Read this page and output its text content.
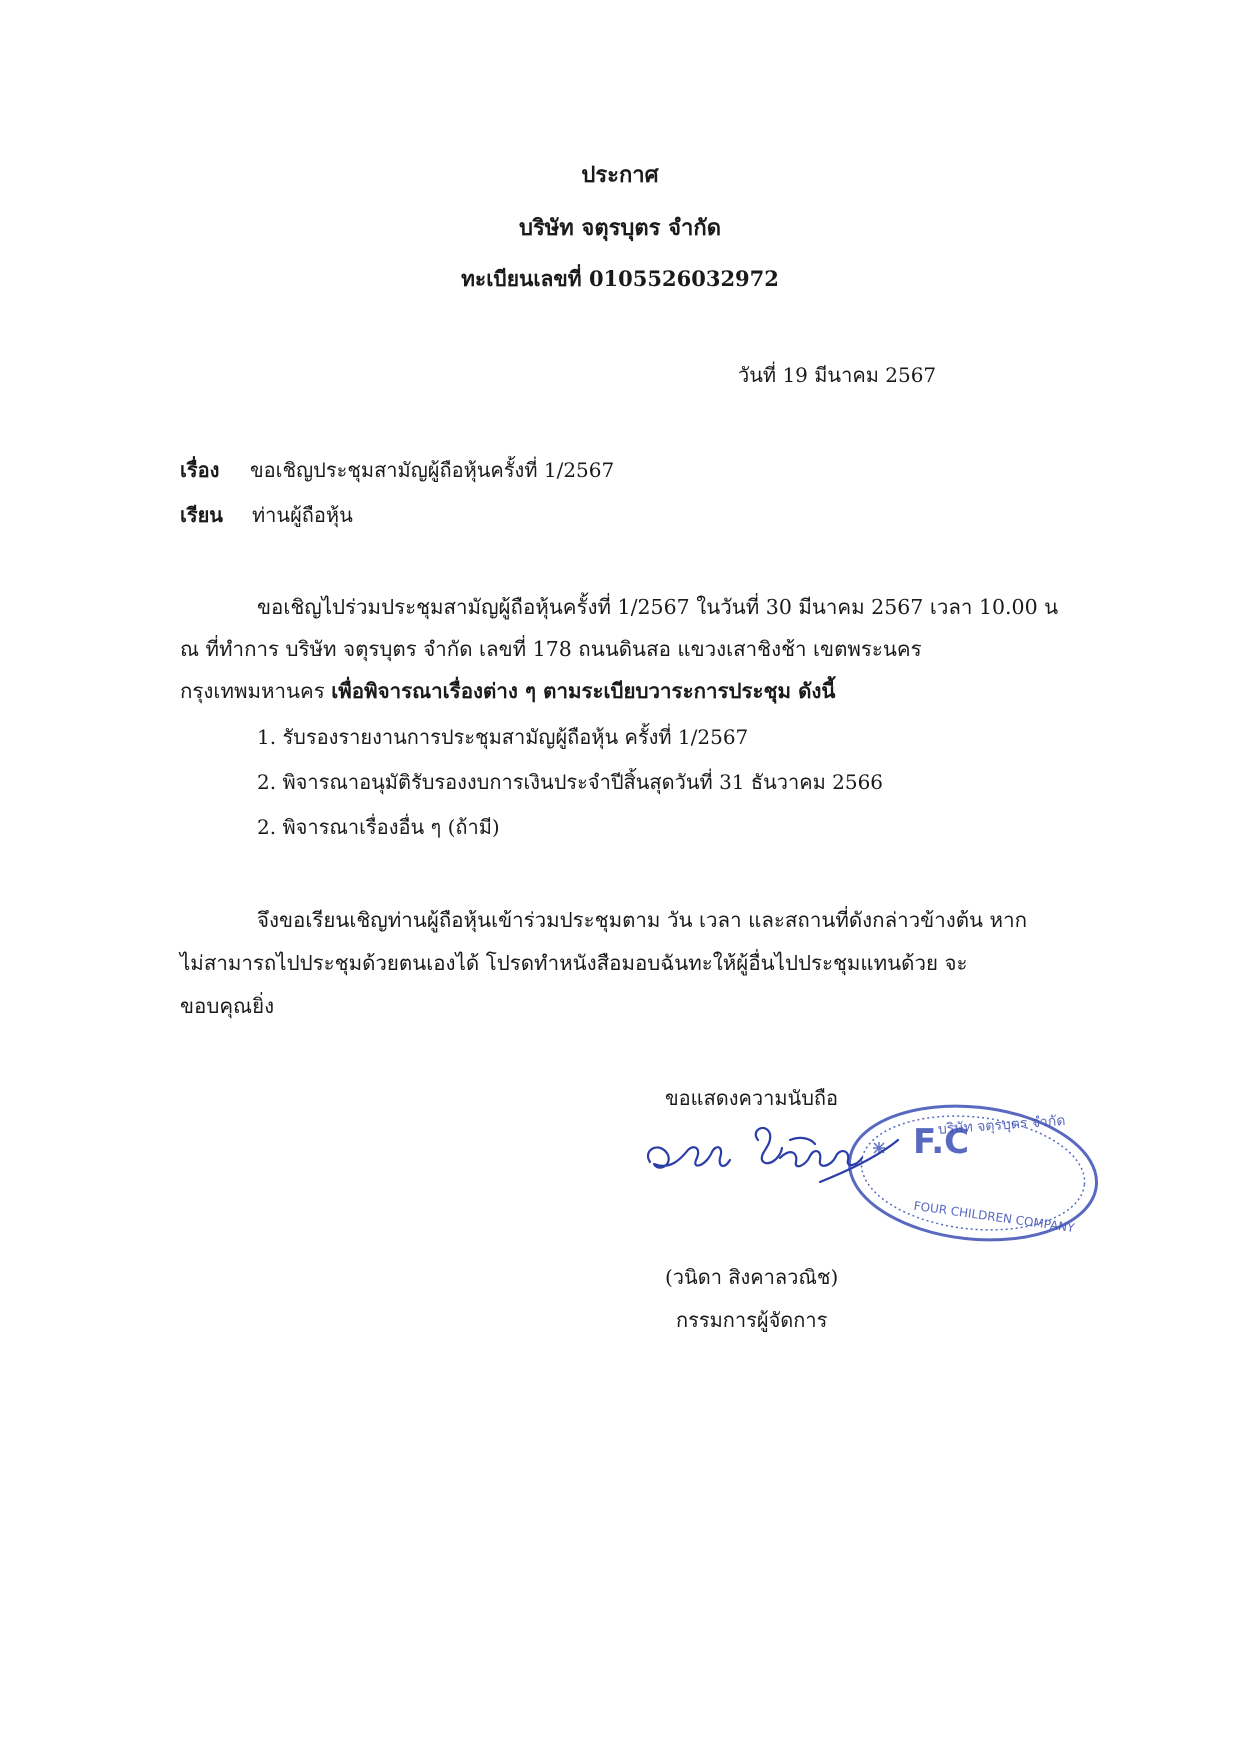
ประกาศ
บริษัท จตุรบุตร จำกัด
ทะเบียนเลขที่ 0105526032972
วันที่ 19 มีนาคม 2567
เรื่อง ขอเชิญประชุมสามัญผู้ถือหุ้นครั้งที่ 1/2567
เรียน ท่านผู้ถือหุ้น
ขอเชิญไปร่วมประชุมสามัญผู้ถือหุ้นครั้งที่ 1/2567 ในวันที่ 30 มีนาคม 2567 เวลา 10.00 น
ณ ที่ทำการ บริษัท จตุรบุตร จำกัด เลขที่ 178 ถนนดินสอ แขวงเสาชิงช้า เขตพระนคร
กรุงเทพมหานคร เพื่อพิจารณาเรื่องต่าง ๆ ตามระเบียบวาระการประชุม ดังนี้
1. รับรองรายงานการประชุมสามัญผู้ถือหุ้น ครั้งที่ 1/2567
2. พิจารณาอนุมัติรับรองงบการเงินประจำปีสิ้นสุดวันที่ 31 ธันวาคม 2566
2. พิจารณาเรื่องอื่น ๆ (ถ้ามี)
จึงขอเรียนเชิญท่านผู้ถือหุ้นเข้าร่วมประชุมตาม วัน เวลา และสถานที่ดังกล่าวข้างต้น หาก
ไม่สามารถไปประชุมด้วยตนเองได้ โปรดทำหนังสือมอบฉันทะให้ผู้อื่นไปประชุมแทนด้วย จะ
ขอบคุณยิ่ง
ขอแสดงความนับถือ
F.C
บริษัท จตุรบุตร จำกัด
FOUR CHILDREN COMPANY
(วนิดา สิงคาลวณิช)
กรรมการผู้จัดการ
